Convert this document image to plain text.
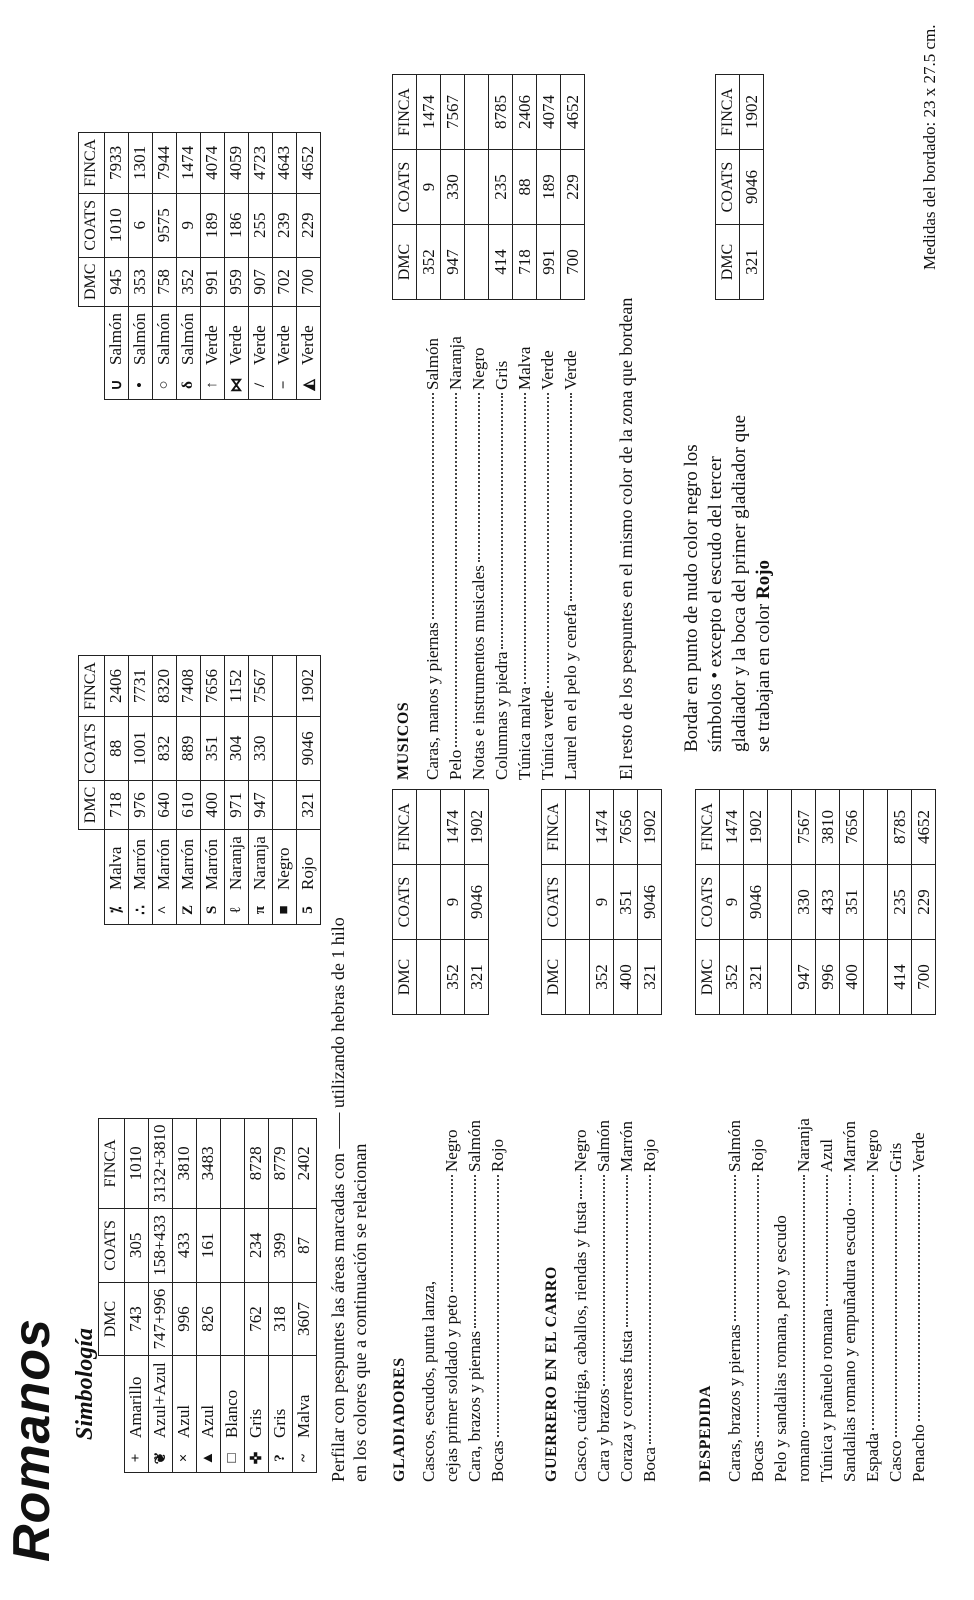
Romanos
Medidas del bordado: 23 x 27.5 cm.
Simbología
		DMC	COATS	FINCA
+	Amarillo	743	305	1010
❦	Azul+Azul	747+996	158+433	3132+3810
×	Azul	996	433	3810
▲	Azul	826	161	3483
□	Blanco			
✜	Gris	762	234	8728
?	Gris	318	399	8779
~	Malva	3607	87	2402
		DMC	COATS	FINCA
⁒	Malva	718	88	2406
∴	Marrón	976	1001	7731
^	Marrón	640	832	8320
Z	Marrón	610	889	7408
S	Marrón	400	351	7656
ℓ	Naranja	971	304	1152
π	Naranja	947	330	7567
■	Negro			
5	Rojo	321	9046	1902
		DMC	COATS	FINCA
∪	Salmón	945	1010	7933
•	Salmón	353	6	1301
○	Salmón	758	9575	7944
δ	Salmón	352	9	1474
↑	Verde	991	189	4074
⋈	Verde	959	186	4059
/	Verde	907	255	4723
−	Verde	702	239	4643
◭	Verde	700	229	4652
Perfilar con pespuntes las áreas marcadas con —— utilizando hebras de 1 hilo en los colores que a continuación se relacionan GLADIADORES Cascos, escudos, punta lanza, cejas primer soldado y peto
Negro
Cara, brazos y piernas
Salmón
Bocas
Rojo
DMC	COATS	FINCA

352	9	1474
321	9046	1902
GUERRERO EN EL CARRO Casco, cuádriga, caballos, riendas y fusta
Negro
Cara y brazos
Salmón
Coraza y correas fusta
Marrón
Boca
Rojo
DMC	COATS	FINCA

352	9	1474
400	351	7656
321	9046	1902
DESPEDIDA Caras, brazos y piernas
Salmón
Bocas
Rojo
Pelo y sandalias romana, peto y escudo romano
Naranja
Túnica y pañuelo romana
Azul
Sandalias romano y empuñadura escudo
Marrón
Espada
Negro
Casco
Gris
Penacho
Verde
DMC	COATS	FINCA
352	9	1474
321	9046	1902

947	330	7567
996	433	3810
400	351	7656

414	235	8785
700	229	4652
MUSICOS Caras, manos y piernas
Salmón
Pelo
Naranja
Notas e instrumentos musicales
Negro
Columnas y piedra
Gris
Túnica malva
Malva
Túnica verde
Verde
Laurel en el pelo y cenefa
Verde
DMC	COATS	FINCA
352	9	1474
947	330	7567

414	235	8785
718	88	2406
991	189	4074
700	229	4652
El resto de los pespuntes en el mismo color de la zona que bordean Bordar en punto de nudo color negro los símbolos • excepto el escudo del tercer gladiador y la boca del primer gladiador que se trabajan en color Rojo
DMC	COATS	FINCA
321	9046	1902
